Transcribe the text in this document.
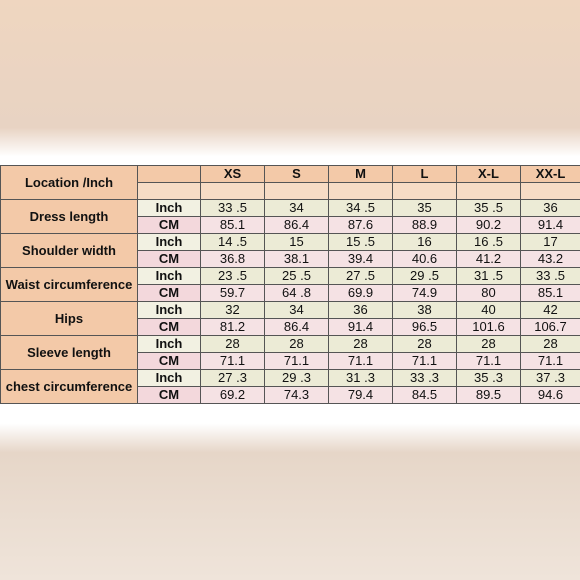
Location /Inch		XS	S	M	L	X-L	XX-L

Dress length	Inch	33 .5	34	34 .5	35	35 .5	36
	CM	85.1	86.4	87.6	88.9	90.2	91.4
Shoulder width	Inch	14 .5	15	15 .5	16	16 .5	17
	CM	36.8	38.1	39.4	40.6	41.2	43.2
Waist circumference	Inch	23 .5	25 .5	27 .5	29 .5	31 .5	33 .5
	CM	59.7	64 .8	69.9	74.9	80	85.1
Hips	Inch	32	34	36	38	40	42
	CM	81.2	86.4	91.4	96.5	101.6	106.7
Sleeve length	Inch	28	28	28	28	28	28
	CM	71.1	71.1	71.1	71.1	71.1	71.1
chest circumference	Inch	27 .3	29 .3	31 .3	33 .3	35 .3	37 .3
	CM	69.2	74.3	79.4	84.5	89.5	94.6
